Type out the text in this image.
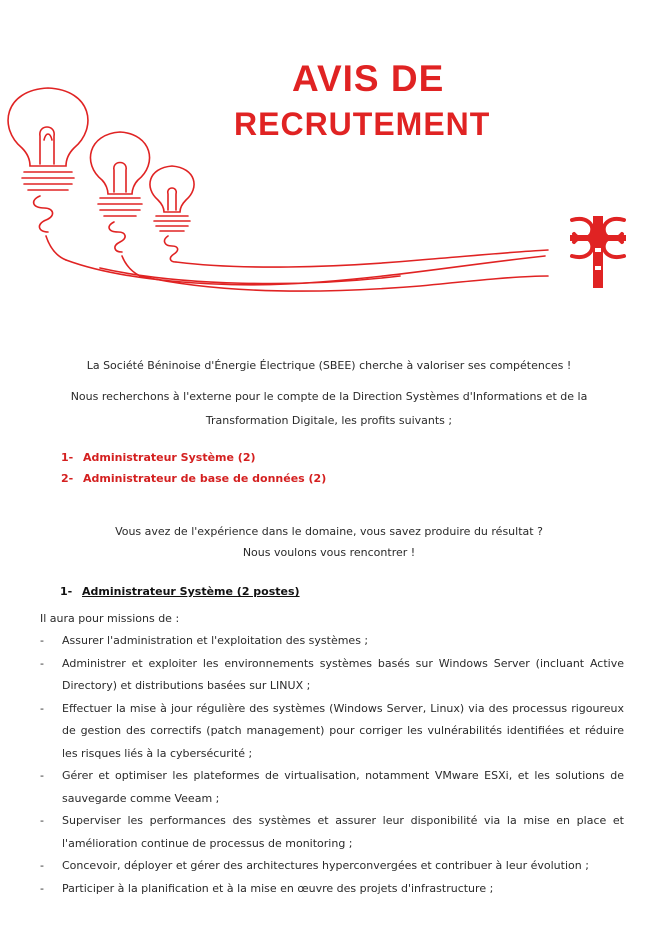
AVIS DE
RECRUTEMENT
La Société Béninoise d'Énergie Électrique (SBEE) cherche à valoriser ses compétences !
Nous recherchons à l'externe pour le compte de la Direction Systèmes d'Informations et de la
Transformation Digitale, les profits suivants ;
1- Administrateur Système (2)
2- Administrateur de base de données (2)
Vous avez de l'expérience dans le domaine, vous savez produire du résultat ?
Nous voulons vous rencontrer !
1- Administrateur Système (2 postes)
Il aura pour missions de :
- Assurer l'administration et l'exploitation des systèmes ;
- Administrer et exploiter les environnements systèmes basés sur Windows Server (incluant Active Directory) et distributions basées sur LINUX ;
- Effectuer la mise à jour régulière des systèmes (Windows Server, Linux) via des processus rigoureux de gestion des correctifs (patch management) pour corriger les vulnérabilités identifiées et réduire les risques liés à la cybersécurité ;
- Gérer et optimiser les plateformes de virtualisation, notamment VMware ESXi, et les solutions de sauvegarde comme Veeam ;
- Superviser les performances des systèmes et assurer leur disponibilité via la mise en place et l'amélioration continue de processus de monitoring ;
- Concevoir, déployer et gérer des architectures hyperconvergées et contribuer à leur évolution ;
- Participer à la planification et à la mise en œuvre des projets d'infrastructure ;
